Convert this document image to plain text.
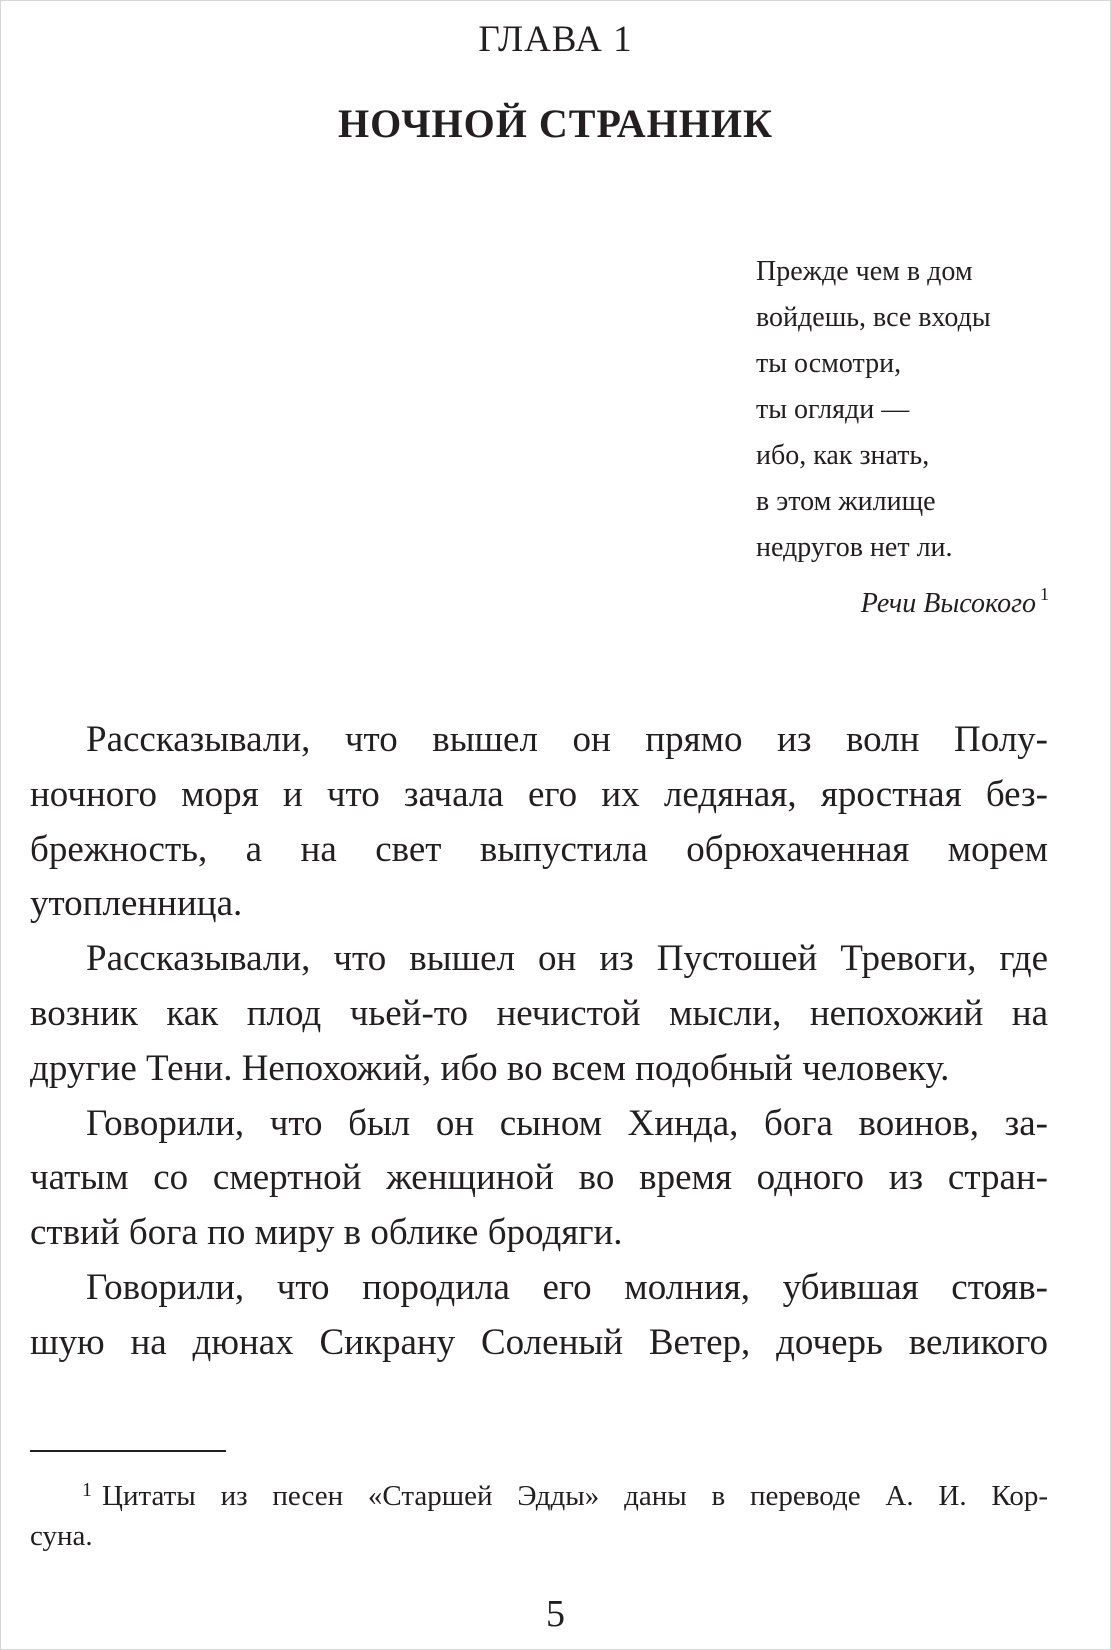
ГЛАВА 1
НОЧНОЙ СТРАННИК
Прежде чем в дом
войдешь, все входы
ты осмотри,
ты огляди —
ибо, как знать,
в этом жилище
недругов нет ли.
Речи Высокого $^1$
Рассказывали, что вышел он прямо из волн Полу-
ночного моря и что зачала его их ледяная, яростная без-
брежность, а на свет выпустила обрюхаченная морем
утопленница.
Рассказывали, что вышел он из Пустошей Тревоги, где
возник как плод чьей-то нечистой мысли, непохожий на
другие Тени. Непохожий, ибо во всем подобный человеку.
Говорили, что был он сыном Хинда, бога воинов, за-
чатым со смертной женщиной во время одного из стран-
ствий бога по миру в облике бродяги.
Говорили, что породила его молния, убившая стояв-
шую на дюнах Сикрану Соленый Ветер, дочерь великого
$^1$ Цитаты из песен «Старшей Эдды» даны в переводе А. И. Кор-
суна.
5
